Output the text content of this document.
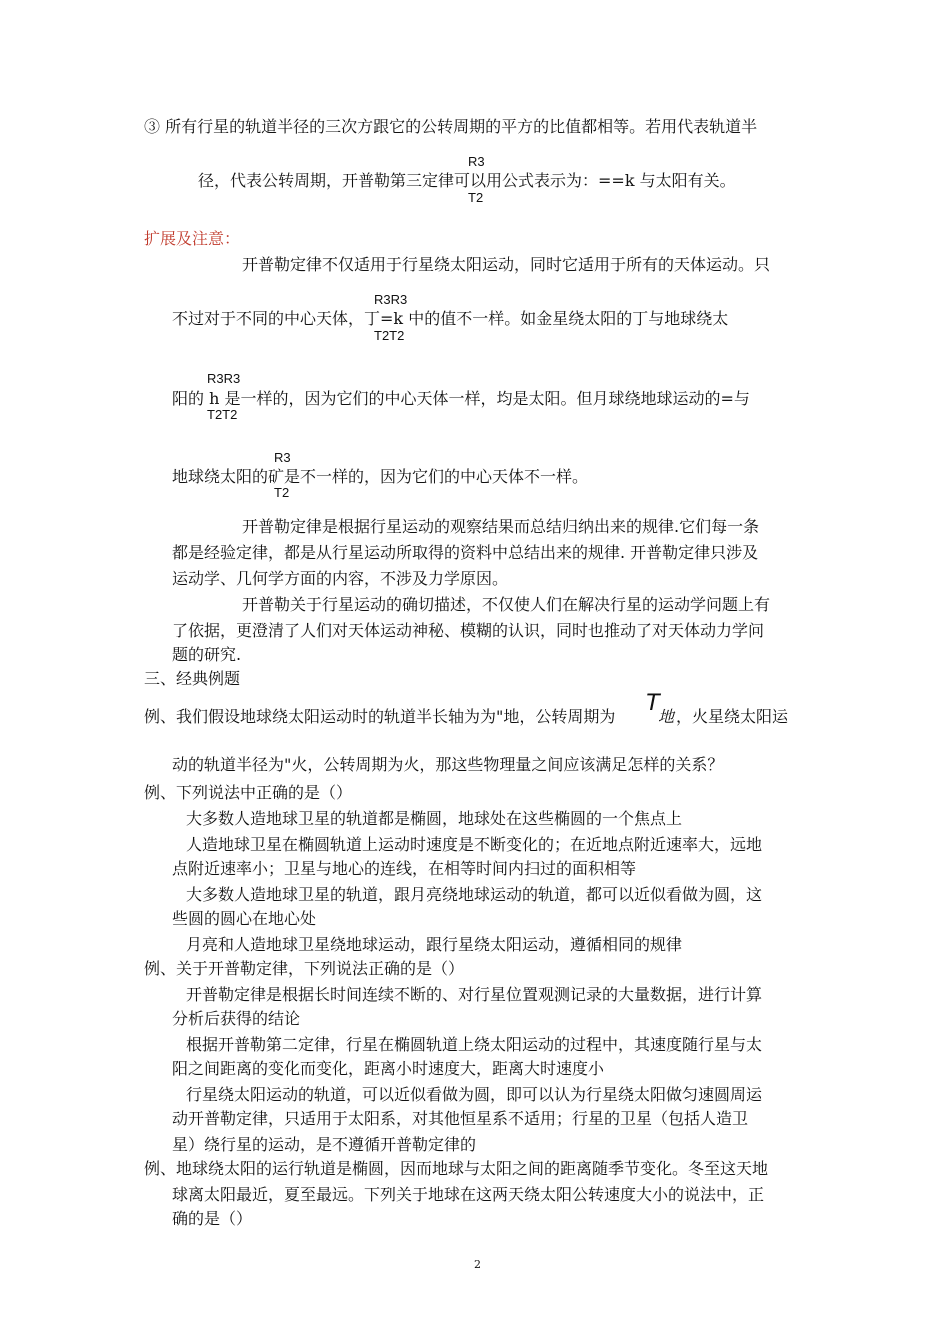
③ 所有行星的轨道半径的三次方跟它的公转周期的平方的比值都相等。若用代表轨道半
R3
径，代表公转周期，开普勒第三定律可以用公式表示为：==k 与太阳有关。
T2
扩展及注意：
开普勒定律不仅适用于行星绕太阳运动，同时它适用于所有的天体运动。只
R3R3
不过对于不同的中心天体，丁=k 中的值不一样。如金星绕太阳的丁与地球绕太
T2T2
R3R3
阳的 h 是一样的，因为它们的中心天体一样，均是太阳。但月球绕地球运动的=与
T2T2
R3
地球绕太阳的矿是不一样的，因为它们的中心天体不一样。
T2
开普勒定律是根据行星运动的观察结果而总结归纳出来的规律.它们每一条
都是经验定律，都是从行星运动所取得的资料中总结出来的规律. 开普勒定律只涉及
运动学、几何学方面的内容，不涉及力学原因。
开普勒关于行星运动的确切描述，不仅使人们在解决行星的运动学问题上有
了依据，更澄清了人们对天体运动神秘、模糊的认识，同时也推动了对天体动力学问
题的研究.
三、经典例题
例、我们假设地球绕太阳运动时的轨道半长轴为为"地，公转周期为
T
地 ，火星绕太阳运
动的轨道半径为"火，公转周期为火，那这些物理量之间应该满足怎样的关系？
例、下列说法中正确的是（）
大多数人造地球卫星的轨道都是椭圆，地球处在这些椭圆的一个焦点上
人造地球卫星在椭圆轨道上运动时速度是不断变化的；在近地点附近速率大，远地
点附近速率小；卫星与地心的连线，在相等时间内扫过的面积相等
大多数人造地球卫星的轨道，跟月亮绕地球运动的轨道，都可以近似看做为圆，这
些圆的圆心在地心处
月亮和人造地球卫星绕地球运动，跟行星绕太阳运动，遵循相同的规律
例、关于开普勒定律，下列说法正确的是（）
开普勒定律是根据长时间连续不断的、对行星位置观测记录的大量数据，进行计算
分析后获得的结论
根据开普勒第二定律，行星在椭圆轨道上绕太阳运动的过程中，其速度随行星与太
阳之间距离的变化而变化，距离小时速度大，距离大时速度小
行星绕太阳运动的轨道，可以近似看做为圆，即可以认为行星绕太阳做匀速圆周运
动开普勒定律，只适用于太阳系，对其他恒星系不适用；行星的卫星（包括人造卫
星）绕行星的运动，是不遵循开普勒定律的
例、地球绕太阳的运行轨道是椭圆，因而地球与太阳之间的距离随季节变化。冬至这天地
球离太阳最近，夏至最远。下列关于地球在这两天绕太阳公转速度大小的说法中，正
确的是（）
2
